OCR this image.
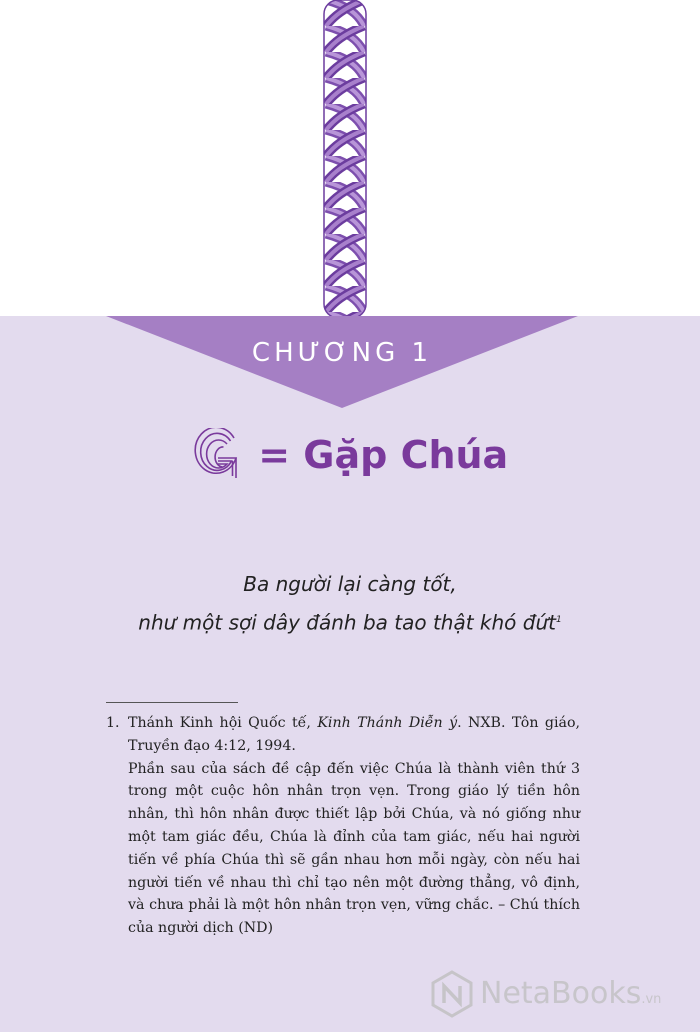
CHƯƠNG 1
= Gặp Chúa
Ba người lại càng tốt,
như một sợi dây đánh ba tao thật khó đứt$^1$
1. Thánh Kinh hội Quốc tế, Kinh Thánh Diễn ý. NXB. Tôn giáo, Truyền đạo 4:12, 1994.
Phần sau của sách đề cập đến việc Chúa là thành viên thứ 3 trong một cuộc hôn nhân trọn vẹn. Trong giáo lý tiền hôn nhân, thì hôn nhân được thiết lập bởi Chúa, và nó giống như một tam giác đều, Chúa là đỉnh của tam giác, nếu hai người tiến về phía Chúa thì sẽ gần nhau hơn mỗi ngày, còn nếu hai người tiến về nhau thì chỉ tạo nên một đường thẳng, vô định, và chưa phải là một hôn nhân trọn vẹn, vững chắc. – Chú thích của người dịch (ND)
NetaBooks.vn
